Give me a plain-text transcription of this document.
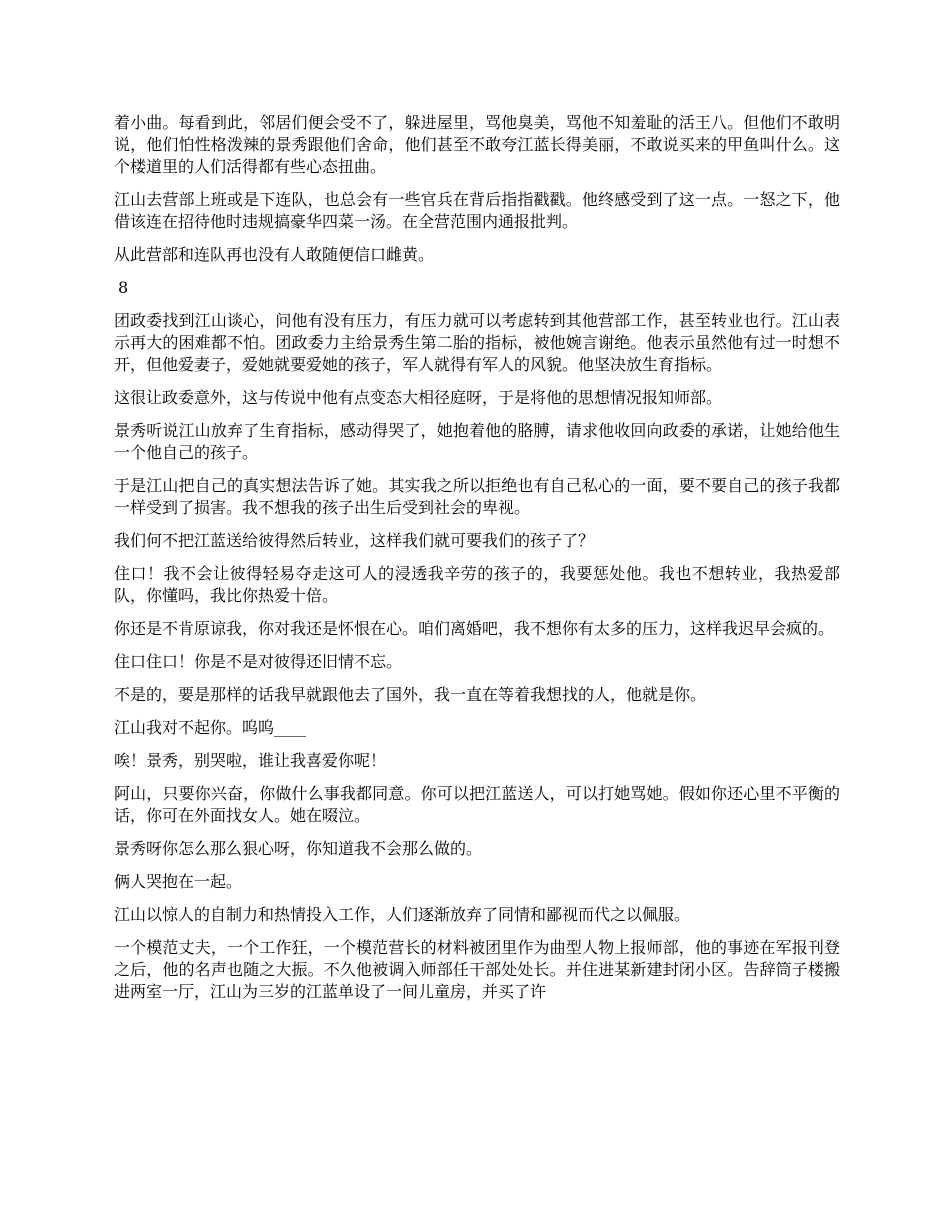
着小曲。每看到此，邻居们便会受不了，躲进屋里，骂他臭美，骂他不知羞耻的活王八。但他们不敢明说，他们怕性格泼辣的景秀跟他们舍命，他们甚至不敢夸江蓝长得美丽，不敢说买来的甲鱼叫什么。这个楼道里的人们活得都有些心态扭曲。

江山去营部上班或是下连队，也总会有一些官兵在背后指指戳戳。他终感受到了这一点。一怒之下，他借该连在招待他时违规搞豪华四菜一汤。在全营范围内通报批判。

从此营部和连队再也没有人敢随便信口雌黄。

8

团政委找到江山谈心，问他有没有压力，有压力就可以考虑转到其他营部工作，甚至转业也行。江山表示再大的困难都不怕。团政委力主给景秀生第二胎的指标，被他婉言谢绝。他表示虽然他有过一时想不开，但他爱妻子，爱她就要爱她的孩子，军人就得有军人的风貌。他坚决放生育指标。

这很让政委意外，这与传说中他有点变态大相径庭呀，于是将他的思想情况报知师部。

景秀听说江山放弃了生育指标，感动得哭了，她抱着他的胳膊，请求他收回向政委的承诺，让她给他生一个他自己的孩子。

于是江山把自己的真实想法告诉了她。其实我之所以拒绝也有自己私心的一面，要不要自己的孩子我都一样受到了损害。我不想我的孩子出生后受到社会的卑视。

我们何不把江蓝送给彼得然后转业，这样我们就可要我们的孩子了？

住口！我不会让彼得轻易夺走这可人的浸透我辛劳的孩子的，我要惩处他。我也不想转业，我热爱部队，你懂吗，我比你热爱十倍。

你还是不肯原谅我，你对我还是怀恨在心。咱们离婚吧，我不想你有太多的压力，这样我迟早会疯的。

住口住口！你是不是对彼得还旧情不忘。

不是的，要是那样的话我早就跟他去了国外，我一直在等着我想找的人，他就是你。

江山我对不起你。呜呜____

唉！景秀，别哭啦，谁让我喜爱你呢！

阿山，只要你兴奋，你做什么事我都同意。你可以把江蓝送人，可以打她骂她。假如你还心里不平衡的话，你可在外面找女人。她在啜泣。

景秀呀你怎么那么狠心呀，你知道我不会那么做的。

俩人哭抱在一起。

江山以惊人的自制力和热情投入工作，人们逐渐放弃了同情和鄙视而代之以佩服。

一个模范丈夫，一个工作狂，一个模范营长的材料被团里作为曲型人物上报师部，他的事迹在军报刊登之后，他的名声也随之大振。不久他被调入师部任干部处处长。并住进某新建封闭小区。告辞筒子楼搬进两室一厅，江山为三岁的江蓝单设了一间儿童房，并买了许
